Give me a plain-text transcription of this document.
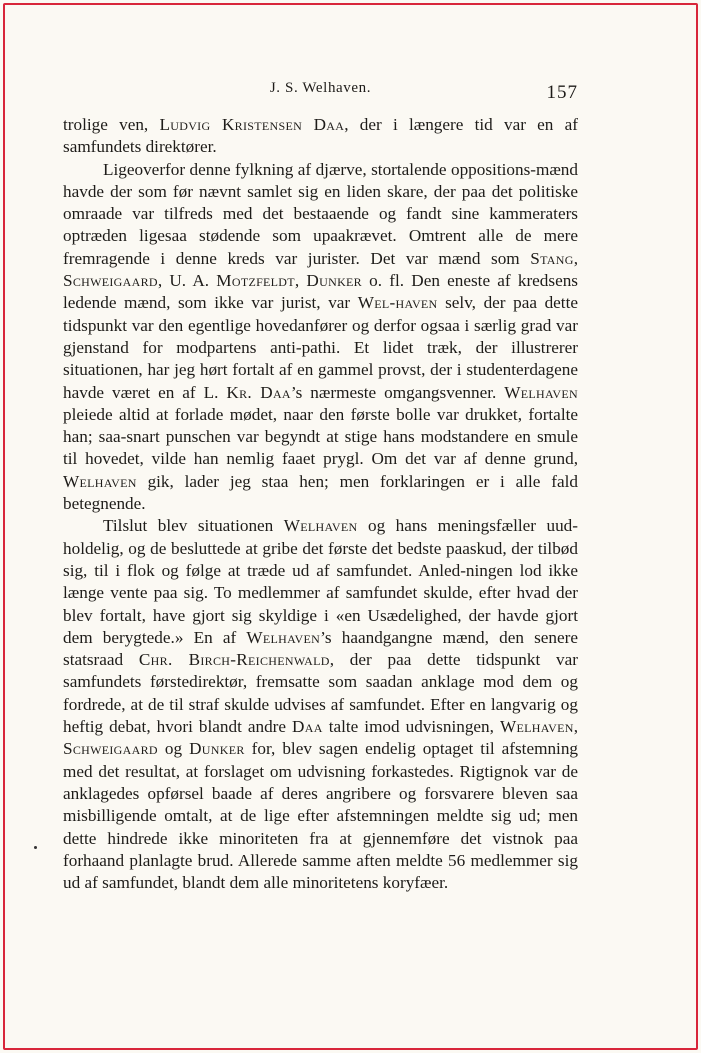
J. S. Welhaven.	157

trolige ven, Ludvig Kristensen Daa, der i længere tid var en af samfundets direktører.

Ligeoverfor denne fylkning af djærve, stortalende oppositions-mænd havde der som før nævnt samlet sig en liden skare, der paa det politiske omraade var tilfreds med det bestaaende og fandt sine kammeraters optræden ligesaa stødende som upaakrævet. Omtrent alle de mere fremragende i denne kreds var jurister. Det var mænd som Stang, Schweigaard, U. A. Motzfeldt, Dunker o. fl. Den eneste af kredsens ledende mænd, som ikke var jurist, var Wel-haven selv, der paa dette tidspunkt var den egentlige hovedanfører og derfor ogsaa i særlig grad var gjenstand for modpartens anti-pathi. Et lidet træk, der illustrerer situationen, har jeg hørt fortalt af en gammel provst, der i studenterdagene havde været en af L. Kr. Daa’s nærmeste omgangsvenner. Welhaven pleiede altid at forlade mødet, naar den første bolle var drukket, fortalte han; saa-snart punschen var begyndt at stige hans modstandere en smule til hovedet, vilde han nemlig faaet prygl. Om det var af denne grund, Welhaven gik, lader jeg staa hen; men forklaringen er i alle fald betegnende.

Tilslut blev situationen Welhaven og hans meningsfæller uud-holdelig, og de besluttede at gribe det første det bedste paaskud, der tilbød sig, til i flok og følge at træde ud af samfundet. Anled-ningen lod ikke længe vente paa sig. To medlemmer af samfundet skulde, efter hvad der blev fortalt, have gjort sig skyldige i «en Usædelighed, der havde gjort dem berygtede.» En af Welhaven’s haandgangne mænd, den senere statsraad Chr. Birch-Reichenwald, der paa dette tidspunkt var samfundets førstedirektør, fremsatte som saadan anklage mod dem og fordrede, at de til straf skulde udvises af samfundet. Efter en langvarig og heftig debat, hvori blandt andre Daa talte imod udvisningen, Welhaven, Schweigaard og Dunker for, blev sagen endelig optaget til afstemning med det resultat, at forslaget om udvisning forkastedes. Rigtignok var de anklagedes opførsel baade af deres angribere og forsvarere bleven saa misbilligende omtalt, at de lige efter afstemningen meldte sig ud; men dette hindrede ikke minoriteten fra at gjennemføre det vistnok paa forhaand planlagte brud. Allerede samme aften meldte 56 medlemmer sig ud af samfundet, blandt dem alle minoritetens koryfæer.
